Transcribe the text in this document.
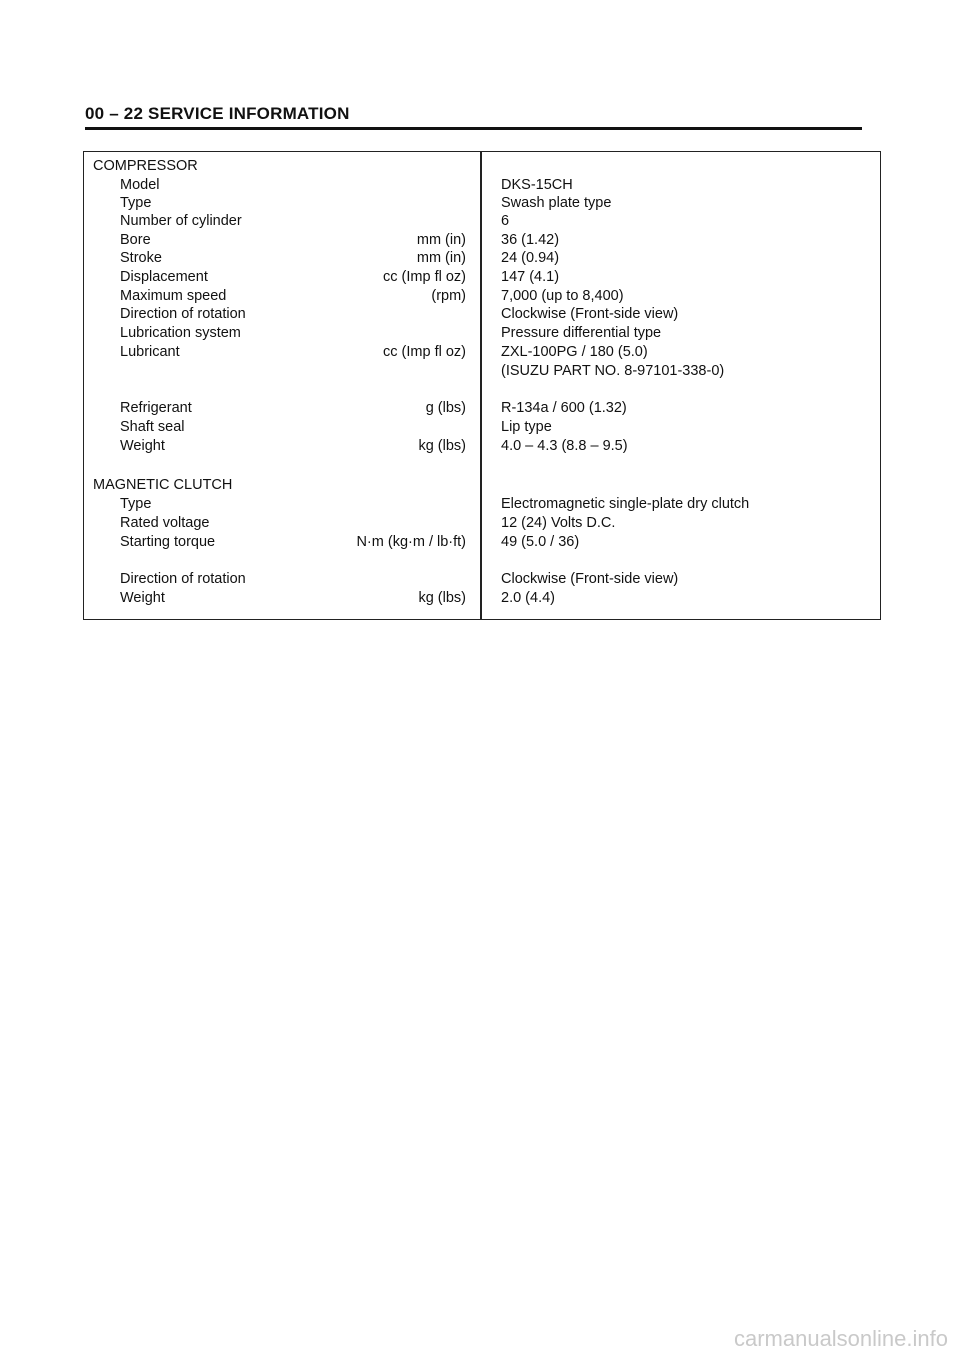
00 – 22 SERVICE INFORMATION
COMPRESSOR
Model	DKS-15CH
Type	Swash plate type
Number of cylinder	6
Bore	mm (in) 36 (1.42)
Stroke	mm (in) 24 (0.94)
Displacement	cc (Imp fl oz) 147 (4.1)
Maximum speed	(rpm) 7,000 (up to 8,400)
Direction of rotation	Clockwise (Front-side view)
Lubrication system	Pressure differential type
Lubricant	cc (Imp fl oz) ZXL-100PG / 180 (5.0)
(ISUZU PART NO. 8-97101-338-0)
Refrigerant	g (lbs) R-134a / 600 (1.32)
Shaft seal	Lip type
Weight	kg (lbs) 4.0 – 4.3 (8.8 – 9.5)
MAGNETIC CLUTCH
Type	Electromagnetic single-plate dry clutch
Rated voltage	12 (24) Volts D.C.
Starting torque	N·m (kg·m / lb·ft) 49 (5.0 / 36)
Direction of rotation	Clockwise (Front-side view)
Weight	kg (lbs) 2.0 (4.4)
carmanualsonline.info
